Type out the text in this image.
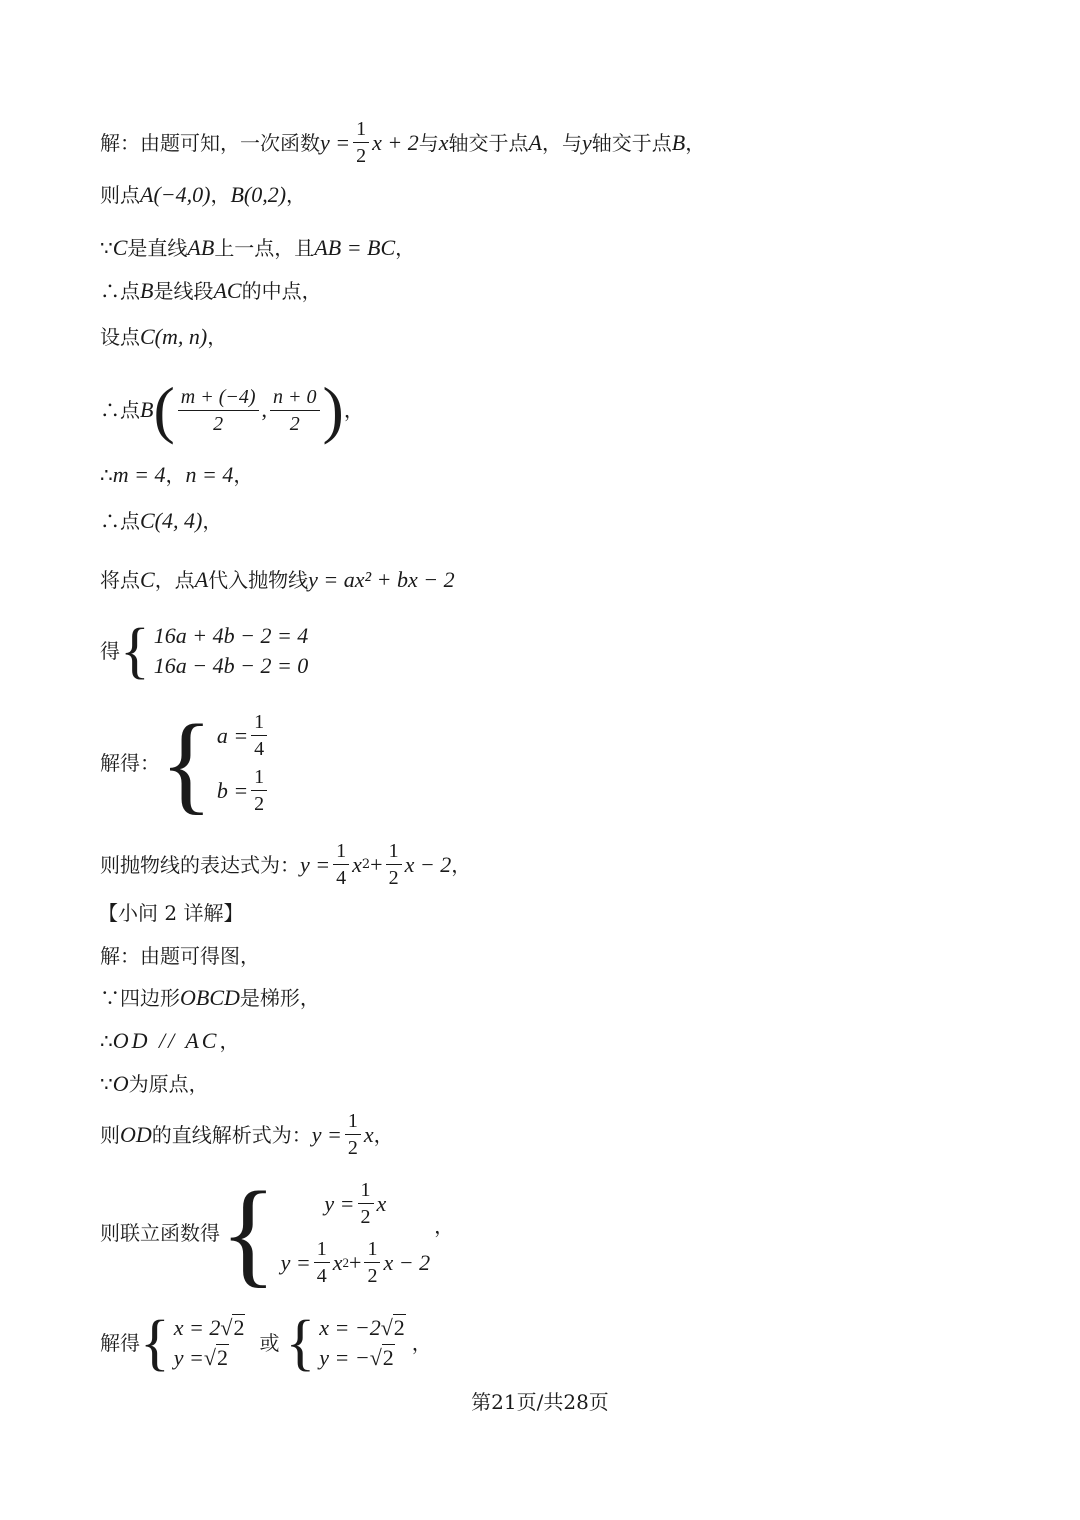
解：由题可知，一次函数 $y = \frac{1}{2}$ x + 2 与 x 轴交于点 A ，与 y 轴交于点 B ，
则点 A(−4,0) ， B(0,2) ，
∵ C 是直线 AB 上一点，且 AB = BC ，
∴点 B 是线段 AC 的中点，
设点 C(m, n) ，
∴点 B ( $\frac{m + (-4)}{2}$ , $\frac{n + 0}{2}$ ) ，
∴ m = 4 ， n = 4 ，
∴点 C(4, 4) ，
将点 C ，点 A 代入抛物线 y = ax² + bx − 2
得 { 16a + 4b − 2 = 4
16a − 4b − 2 = 0
解得： { $a = \frac{1}{4}$
$b = \frac{1}{2}$
则抛物线的表达式为： $y = \frac{1}{4}$ x $2 + \frac{1}{2}$ x − 2 ，
【小问 2 详解】
解：由题可得图，
∵四边形 OBCD 是梯形，
∴ OD // AC ，
∵ O 为原点，
则 OD 的直线解析式为： $y = \frac{1}{2}$ x ，
则联立函数得 { $y = \frac{1}{2}$ x
$y = \frac{1}{4}$ x $2 + \frac{1}{2}$ x − 2
，
解得 { x = 2 √2
y = √2
或 { x = −2 √2
y = − √2
，
第21页/共28页
